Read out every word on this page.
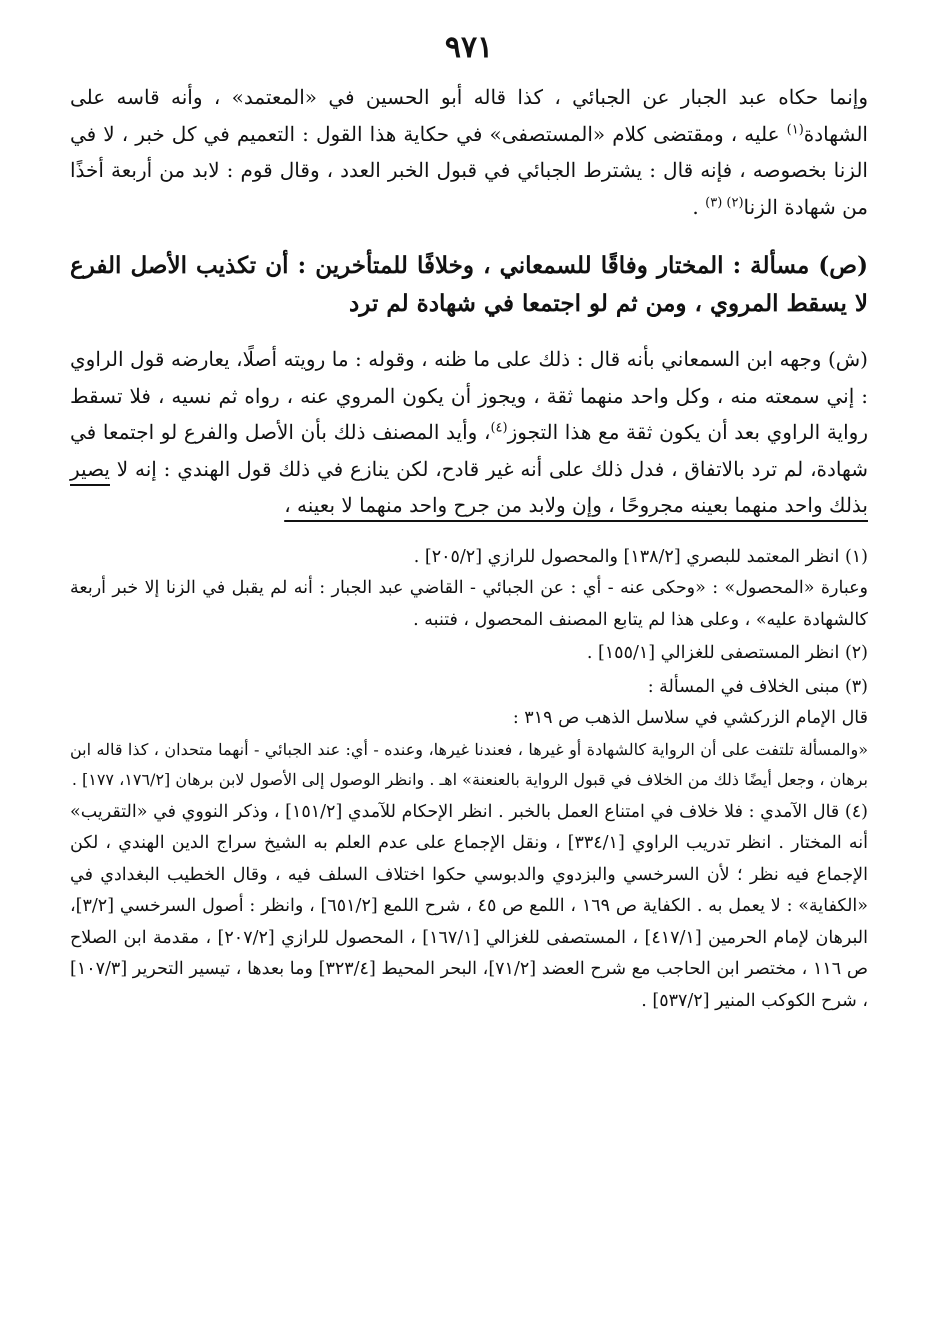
٩٧١

وإنما حكاه عبد الجبار عن الجبائي ، كذا قاله أبو الحسين في «المعتمد» ، وأنه قاسه على الشهادة$^{(١)}$ عليه ، ومقتضى كلام «المستصفى» في حكاية هذا القول : التعميم في كل خبر ، لا في الزنا بخصوصه ، فإنه قال : يشترط الجبائي في قبول الخبر العدد ، وقال قوم : لابد من أربعة أخذًا من شهادة الزنا$^{(٢) (٣)}$ .

(ص) مسألة : المختار وفاقًا للسمعاني ، وخلافًا للمتأخرين : أن تكذيب الأصل الفرع لا يسقط المروي ، ومن ثم لو اجتمعا في شهادة لم ترد

(ش) وجهه ابن السمعاني بأنه قال : ذلك على ما ظنه ، وقوله : ما رويته أصلًا، يعارضه قول الراوي : إني سمعته منه ، وكل واحد منهما ثقة ، ويجوز أن يكون المروي عنه ، رواه ثم نسيه ، فلا تسقط رواية الراوي بعد أن يكون ثقة مع هذا التجوز$^{(٤)}$، وأيد المصنف ذلك بأن الأصل والفرع لو اجتمعا في شهادة، لم ترد بالاتفاق ، فدل ذلك على أنه غير قادح، لكن ينازع في ذلك قول الهندي : إنه لا يصير بذلك واحد منهما بعينه مجروحًا ، وإن ولابد من جرح واحد منهما لا بعينه ،

(١) انظر المعتمد للبصري [١٣٨/٢] والمحصول للرازي [٢٠٥/٢] .
وعبارة «المحصول» : «وحكى عنه - أي : عن الجبائي - القاضي عبد الجبار : أنه لم يقبل في الزنا إلا خبر أربعة كالشهادة عليه» ، وعلى هذا لم يتابع المصنف المحصول ، فتنبه .
(٢) انظر المستصفى للغزالي [١٥٥/١] .
(٣) مبنى الخلاف في المسألة :
قال الإمام الزركشي في سلاسل الذهب ص ٣١٩ :
«والمسألة تلتفت على أن الرواية كالشهادة أو غيرها ، فعندنا غيرها، وعنده - أي: عند الجبائي - أنهما متحدان ، كذا قاله ابن برهان ، وجعل أيضًا ذلك من الخلاف في قبول الرواية بالعنعنة» اهـ . وانظر الوصول إلى الأصول لابن برهان [١٧٦/٢، ١٧٧] .
(٤) قال الآمدي : فلا خلاف في امتناع العمل بالخبر . انظر الإحكام للآمدي [١٥١/٢] ، وذكر النووي في «التقريب» أنه المختار . انظر تدريب الراوي [٣٣٤/١] ، ونقل الإجماع على عدم العلم به الشيخ سراج الدين الهندي ، لكن الإجماع فيه نظر ؛ لأن السرخسي والبزدوي والدبوسي حكوا اختلاف السلف فيه ، وقال الخطيب البغدادي في «الكفاية» : لا يعمل به . الكفاية ص ١٦٩ ، اللمع ص ٤٥ ، شرح اللمع [٦٥١/٢] ، وانظر : أصول السرخسي [٣/٢]، البرهان لإمام الحرمين [٤١٧/١] ، المستصفى للغزالي [١٦٧/١] ، المحصول للرازي [٢٠٧/٢] ، مقدمة ابن الصلاح ص ١١٦ ، مختصر ابن الحاجب مع شرح العضد [٧١/٢]، البحر المحيط [٣٢٣/٤] وما بعدها ، تيسير التحرير [١٠٧/٣] ، شرح الكوكب المنير [٥٣٧/٢] .
